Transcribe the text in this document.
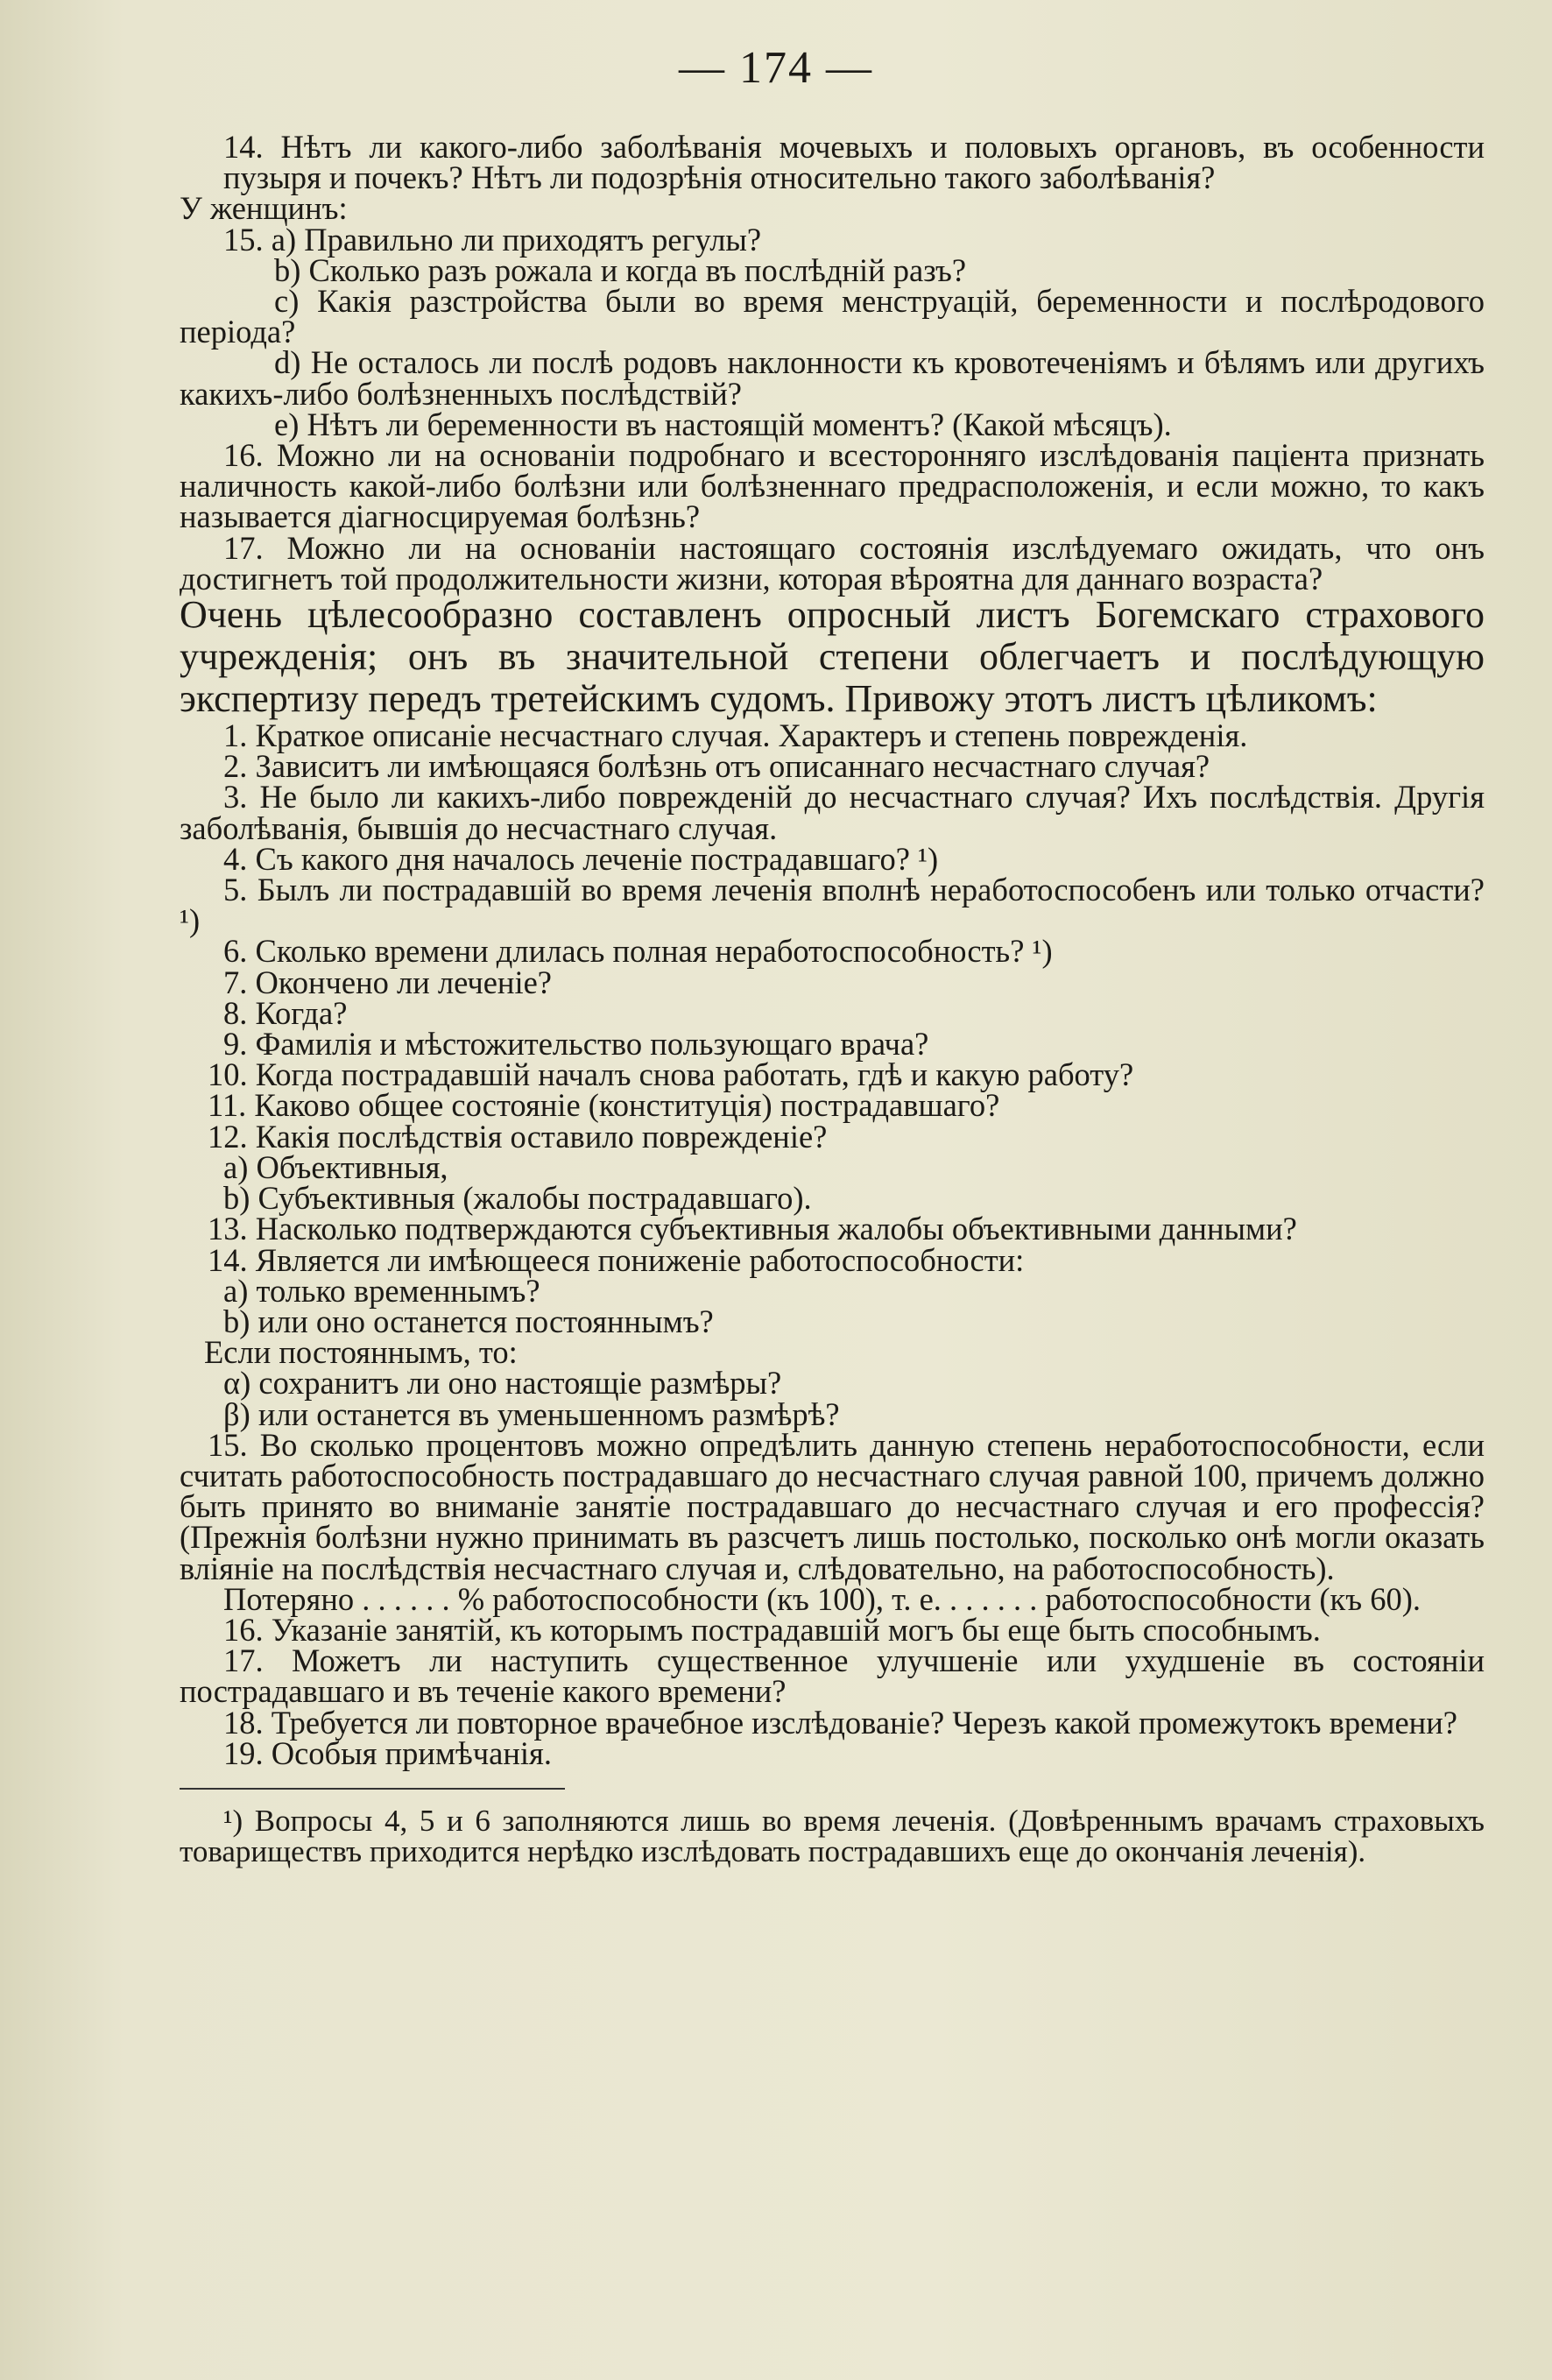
— 174 —

14. Нѣтъ ли какого-либо заболѣванія мочевыхъ и половыхъ органовъ, въ особенности пузыря и почекъ? Нѣтъ ли подозрѣнія относительно такого заболѣванія?

У женщинъ:

15. a) Правильно ли приходятъ регулы?

b) Сколько разъ рожала и когда въ послѣдній разъ?

c) Какія разстройства были во время менструацій, беременности и послѣродового періода?

d) Не осталось ли послѣ родовъ наклонности къ кровотеченіямъ и бѣлямъ или другихъ какихъ-либо болѣзненныхъ послѣдствій?

e) Нѣтъ ли беременности въ настоящій моментъ? (Какой мѣсяцъ).

16. Можно ли на основаніи подробнаго и всесторонняго изслѣдованія паціента признать наличность какой-либо болѣзни или болѣзненнаго предрасположенія, и если можно, то какъ называется діагносцируемая болѣзнь?

17. Можно ли на основаніи настоящаго состоянія изслѣдуемаго ожидать, что онъ достигнетъ той продолжительности жизни, которая вѣроятна для даннаго возраста?

Очень цѣлесообразно составленъ опросный листъ Богемскаго страхового учрежденія; онъ въ значительной степени облегчаетъ и послѣдующую экспертизу передъ третейскимъ судомъ. Привожу этотъ листъ цѣликомъ:

1. Краткое описаніе несчастнаго случая. Характеръ и степень поврежденія.

2. Зависитъ ли имѣющаяся болѣзнь отъ описаннаго несчастнаго случая?

3. Не было ли какихъ-либо поврежденій до несчастнаго случая? Ихъ послѣдствія. Другія заболѣванія, бывшія до несчастнаго случая.

4. Съ какого дня началось леченіе пострадавшаго? ¹)

5. Былъ ли пострадавшій во время леченія вполнѣ неработоспособенъ или только отчасти? ¹)

6. Сколько времени длилась полная неработоспособность? ¹)

7. Окончено ли леченіе?

8. Когда?

9. Фамилія и мѣстожительство пользующаго врача?

10. Когда пострадавшій началъ снова работать, гдѣ и какую работу?

11. Каково общее состояніе (конституція) пострадавшаго?

12. Какія послѣдствія оставило поврежденіе?

a) Объективныя,

b) Субъективныя (жалобы пострадавшаго).

13. Насколько подтверждаются субъективныя жалобы объективными данными?

14. Является ли имѣющееся пониженіе работоспособности:

a) только временнымъ?

b) или оно останется постояннымъ?

Если постояннымъ, то:

α) сохранитъ ли оно настоящіе размѣры?

β) или останется въ уменьшенномъ размѣрѣ?

15. Во сколько процентовъ можно опредѣлить данную степень неработоспособности, если считать работоспособность пострадавшаго до несчастнаго случая равной 100, причемъ должно быть принято во вниманіе занятіе пострадавшаго до несчастнаго случая и его профессія? (Прежнія болѣзни нужно принимать въ разсчетъ лишь постолько, посколько онѣ могли оказать вліяніе на послѣдствія несчастнаго случая и, слѣдовательно, на работоспособность).

Потеряно . . . . . . % работоспособности (къ 100), т. е. . . . . . . работоспособности (къ 60).

16. Указаніе занятій, къ которымъ пострадавшій могъ бы еще быть способнымъ.

17. Можетъ ли наступить существенное улучшеніе или ухудшеніе въ состояніи пострадавшаго и въ теченіе какого времени?

18. Требуется ли повторное врачебное изслѣдованіе? Черезъ какой промежутокъ времени?

19. Особыя примѣчанія.

¹) Вопросы 4, 5 и 6 заполняются лишь во время леченія. (Довѣреннымъ врачамъ страховыхъ товариществъ приходится нерѣдко изслѣдовать пострадавшихъ еще до окончанія леченія).
